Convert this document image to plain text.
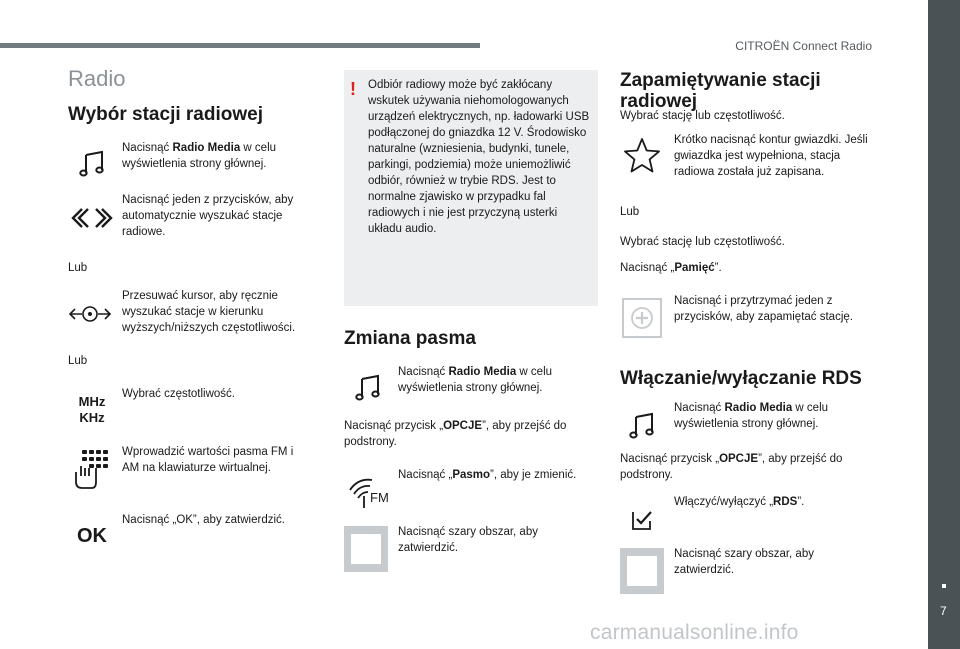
CITROËN Connect Radio
7
carmanualsonline.info
Radio
Wybór stacji radiowej
Nacisnąć Radio Media w celu wyświetlenia strony głównej.
Nacisnąć jeden z przycisków, aby automatycznie wyszukać stacje radiowe.
Lub
Przesuwać kursor, aby ręcznie wyszukać stacje w kierunku wyższych/niższych częstotliwości.
Lub
MHz
KHz
Wybrać częstotliwość.
Wprowadzić wartości pasma FM i AM na klawiaturze wirtualnej.
OK
Nacisnąć „OK”, aby zatwierdzić.
! Odbiór radiowy może być zakłócany wskutek używania niehomologowanych urządzeń elektrycznych, np. ładowarki USB podłączonej do gniazdka 12 V. Środowisko naturalne (wzniesienia, budynki, tunele, parkingi, podziemia) może uniemożliwić odbiór, również w trybie RDS. Jest to normalne zjawisko w przypadku fal radiowych i nie jest przyczyną usterki układu audio.
Zmiana pasma
Nacisnąć Radio Media w celu wyświetlenia strony głównej.
Nacisnąć przycisk „OPCJE”, aby przejść do podstrony.
FM
Nacisnąć „Pasmo”, aby je zmienić.
Nacisnąć szary obszar, aby zatwierdzić.
Zapamiętywanie stacji radiowej
Wybrać stację lub częstotliwość.
Krótko nacisnąć kontur gwiazdki. Jeśli gwiazdka jest wypełniona, stacja radiowa została już zapisana.
Lub
Wybrać stację lub częstotliwość.
Nacisnąć „Pamięć”.
Nacisnąć i przytrzymać jeden z przycisków, aby zapamiętać stację.
Włączanie/wyłączanie RDS
Nacisnąć Radio Media w celu wyświetlenia strony głównej.
Nacisnąć przycisk „OPCJE”, aby przejść do podstrony.
Włączyć/wyłączyć „RDS”.
Nacisnąć szary obszar, aby zatwierdzić.
